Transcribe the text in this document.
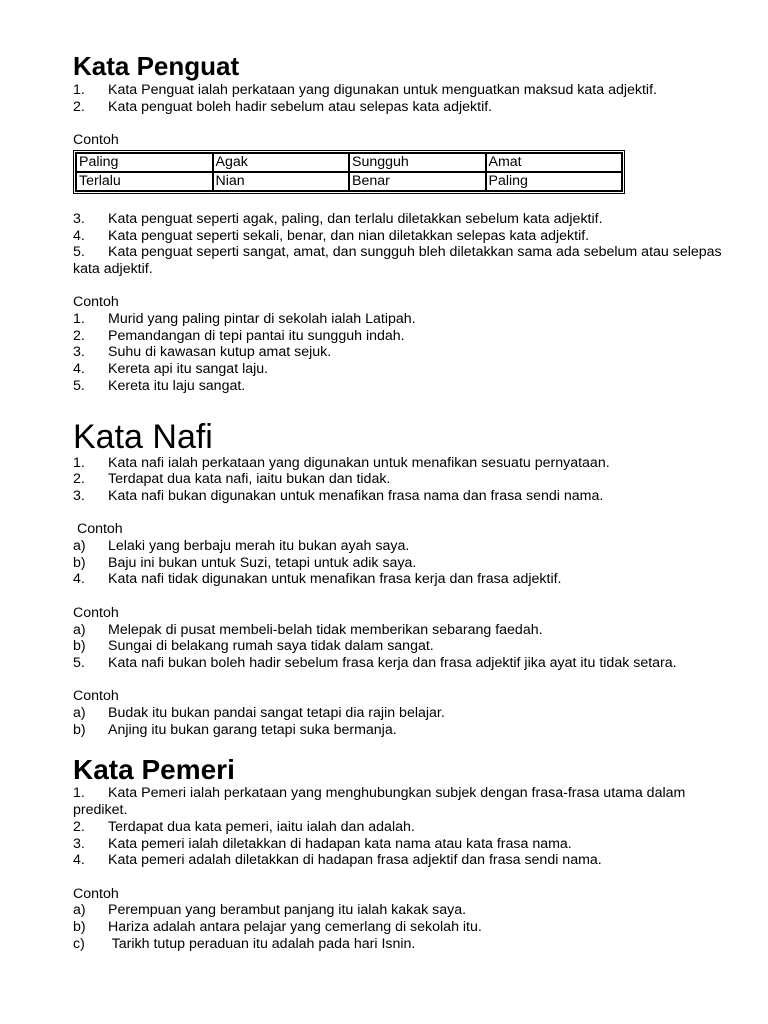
Kata Penguat
1. Kata Penguat ialah perkataan yang digunakan untuk menguatkan maksud kata adjektif.
2. Kata penguat boleh hadir sebelum atau selepas kata adjektif.
Contoh
Paling	Agak	Sungguh	Amat
Terlalu	Nian	Benar	Paling
3. Kata penguat seperti agak, paling, dan terlalu diletakkan sebelum kata adjektif.
4. Kata penguat seperti sekali, benar, dan nian diletakkan selepas kata adjektif.
5. Kata penguat seperti sangat, amat, dan sungguh bleh diletakkan sama ada sebelum atau selepas kata adjektif.
Contoh
1. Murid yang paling pintar di sekolah ialah Latipah.
2. Pemandangan di tepi pantai itu sungguh indah.
3. Suhu di kawasan kutup amat sejuk.
4. Kereta api itu sangat laju.
5. Kereta itu laju sangat.
Kata Nafi
1. Kata nafi ialah perkataan yang digunakan untuk menafikan sesuatu pernyataan.
2. Terdapat dua kata nafi, iaitu bukan dan tidak.
3. Kata nafi bukan digunakan untuk menafikan frasa nama dan frasa sendi nama.
Contoh
a) Lelaki yang berbaju merah itu bukan ayah saya.
b) Baju ini bukan untuk Suzi, tetapi untuk adik saya.
4. Kata nafi tidak digunakan untuk menafikan frasa kerja dan frasa adjektif.
Contoh
a) Melepak di pusat membeli-belah tidak memberikan sebarang faedah.
b) Sungai di belakang rumah saya tidak dalam sangat.
5. Kata nafi bukan boleh hadir sebelum frasa kerja dan frasa adjektif jika ayat itu tidak setara.
Contoh
a) Budak itu bukan pandai sangat tetapi dia rajin belajar.
b) Anjing itu bukan garang tetapi suka bermanja.
Kata Pemeri
1. Kata Pemeri ialah perkataan yang menghubungkan subjek dengan frasa-frasa utama dalam prediket.
2. Terdapat dua kata pemeri, iaitu ialah dan adalah.
3. Kata pemeri ialah diletakkan di hadapan kata nama atau kata frasa nama.
4. Kata pemeri adalah diletakkan di hadapan frasa adjektif dan frasa sendi nama.
Contoh
a) Perempuan yang berambut panjang itu ialah kakak saya.
b) Hariza adalah antara pelajar yang cemerlang di sekolah itu.
c) Tarikh tutup peraduan itu adalah pada hari Isnin.
